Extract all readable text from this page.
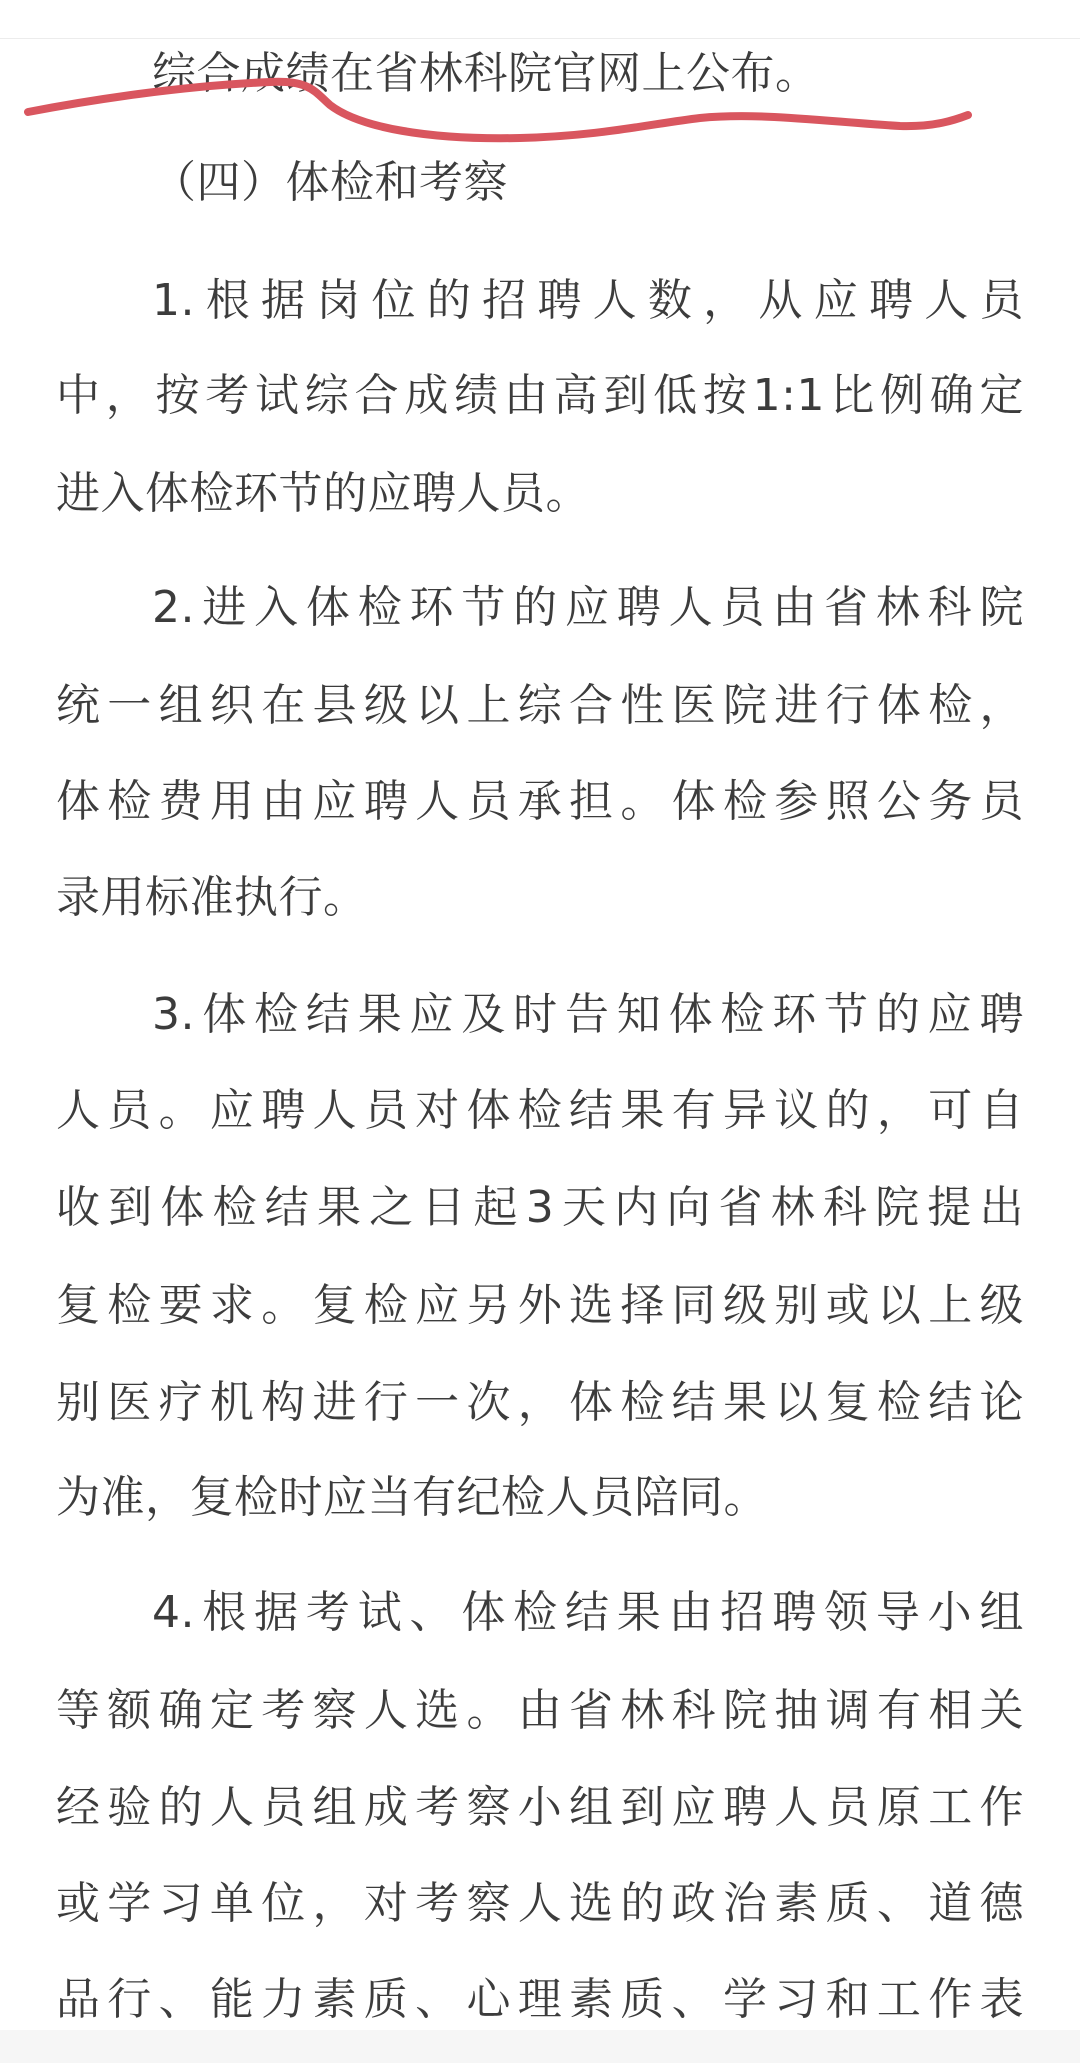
综合成绩在省林科院官网上公布。
（四）体检和考察
1.根据岗位的招聘人数，从应聘人员
中，按考试综合成绩由高到低按1:1比例确定
进入体检环节的应聘人员。
2.进入体检环节的应聘人员由省林科院
统一组织在县级以上综合性医院进行体检，
体检费用由应聘人员承担。体检参照公务员
录用标准执行。
3.体检结果应及时告知体检环节的应聘
人员。应聘人员对体检结果有异议的，可自
收到体检结果之日起3天内向省林科院提出
复检要求。复检应另外选择同级别或以上级
别医疗机构进行一次，体检结果以复检结论
为准，复检时应当有纪检人员陪同。
4.根据考试、体检结果由招聘领导小组
等额确定考察人选。由省林科院抽调有相关
经验的人员组成考察小组到应聘人员原工作
或学习单位，对考察人选的政治素质、道德
品行、能力素质、心理素质、学习和工作表
